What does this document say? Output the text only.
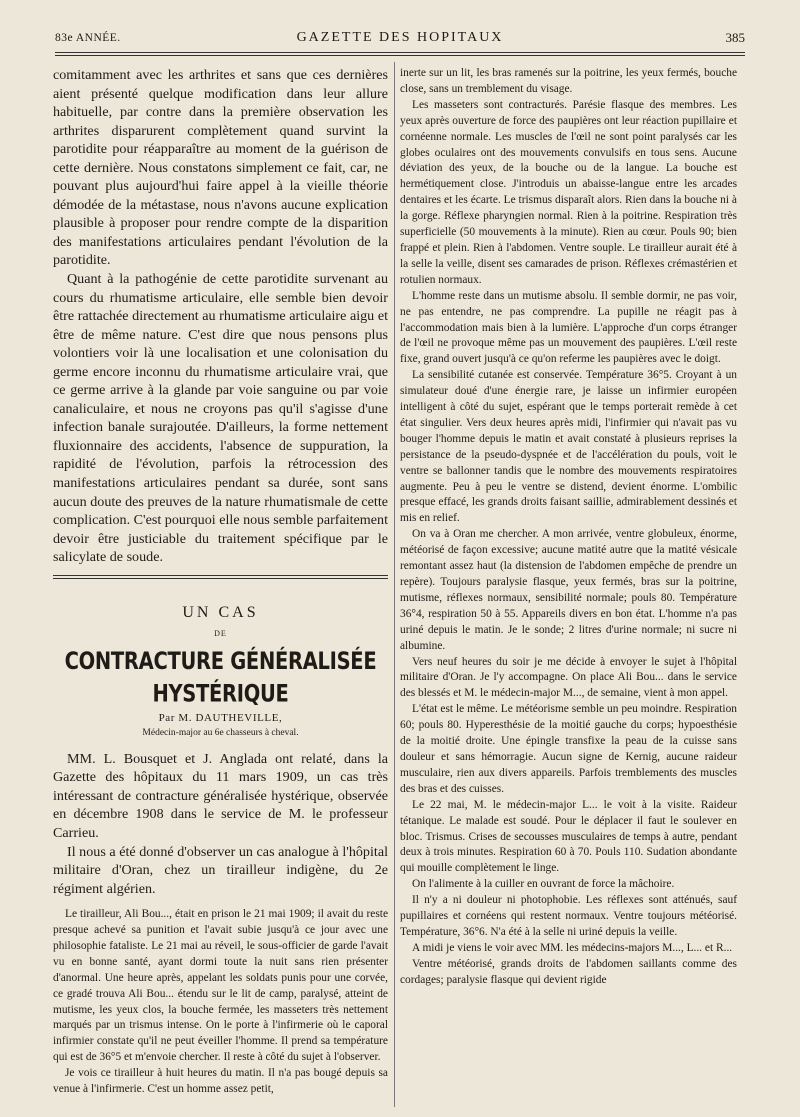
83e ANNÉE.	GAZETTE DES HOPITAUX	385

comitamment avec les arthrites et sans que ces dernières aient présenté quelque modification dans leur allure habituelle, par contre dans la première observation les arthrites disparurent complètement quand survint la parotidite pour réapparaître au moment de la guérison de cette dernière. Nous constatons simplement ce fait, car, ne pouvant plus aujourd'hui faire appel à la vieille théorie démodée de la métastase, nous n'avons aucune explication plausible à proposer pour rendre compte de la disparition des manifestations articulaires pendant l'évolution de la parotidite.

Quant à la pathogénie de cette parotidite survenant au cours du rhumatisme articulaire, elle semble bien devoir être rattachée directement au rhumatisme articulaire aigu et être de même nature. C'est dire que nous pensons plus volontiers voir là une localisation et une colonisation du germe encore inconnu du rhumatisme articulaire vrai, que ce germe arrive à la glande par voie sanguine ou par voie canaliculaire, et nous ne croyons pas qu'il s'agisse d'une infection banale surajoutée. D'ailleurs, la forme nettement fluxionnaire des accidents, l'absence de suppuration, la rapidité de l'évolution, parfois la rétrocession des manifestations articulaires pendant sa durée, sont sans aucun doute des preuves de la nature rhumatismale de cette complication. C'est pourquoi elle nous semble parfaitement devoir être justiciable du traitement spécifique par le salicylate de soude.

UN CAS

DE

CONTRACTURE GÉNÉRALISÉE HYSTÉRIQUE

Par M. DAUTHEVILLE,

Médecin-major au 6e chasseurs à cheval.

MM. L. Bousquet et J. Anglada ont relaté, dans la Gazette des hôpitaux du 11 mars 1909, un cas très intéressant de contracture généralisée hystérique, observée en décembre 1908 dans le service de M. le professeur Carrieu.

Il nous a été donné d'observer un cas analogue à l'hôpital militaire d'Oran, chez un tirailleur indigène, du 2e régiment algérien.

Le tirailleur, Ali Bou..., était en prison le 21 mai 1909; il avait du reste presque achevé sa punition et l'avait subie jusqu'à ce jour avec une philosophie fataliste. Le 21 mai au réveil, le sous-officier de garde l'avait vu en bonne santé, ayant dormi toute la nuit sans rien présenter d'anormal. Une heure après, appelant les soldats punis pour une corvée, ce gradé trouva Ali Bou... étendu sur le lit de camp, paralysé, atteint de mutisme, les yeux clos, la bouche fermée, les masseters très nettement marqués par un trismus intense. On le porte à l'infirmerie où le caporal infirmier constate qu'il ne peut éveiller l'homme. Il prend sa température qui est de 36°5 et m'envoie chercher. Il reste à côté du sujet à l'observer.

Je vois ce tirailleur à huit heures du matin. Il n'a pas bougé depuis sa venue à l'infirmerie. C'est un homme assez petit,

inerte sur un lit, les bras ramenés sur la poitrine, les yeux fermés, bouche close, sans un tremblement du visage.

Les masseters sont contracturés. Parésie flasque des membres. Les yeux après ouverture de force des paupières ont leur réaction pupillaire et cornéenne normale. Les muscles de l'œil ne sont point paralysés car les globes oculaires ont des mouvements convulsifs en tous sens. Aucune déviation des yeux, de la bouche ou de la langue. La bouche est hermétiquement close. J'introduis un abaisse-langue entre les arcades dentaires et les écarte. Le trismus disparaît alors. Rien dans la bouche ni à la gorge. Réflexe pharyngien normal. Rien à la poitrine. Respiration très superficielle (50 mouvements à la minute). Rien au cœur. Pouls 90; bien frappé et plein. Rien à l'abdomen. Ventre souple. Le tirailleur aurait été à la selle la veille, disent ses camarades de prison. Réflexes crémastérien et rotulien normaux.

L'homme reste dans un mutisme absolu. Il semble dormir, ne pas voir, ne pas entendre, ne pas comprendre. La pupille ne réagit pas à l'accommodation mais bien à la lumière. L'approche d'un corps étranger de l'œil ne provoque même pas un mouvement des paupières. L'œil reste fixe, grand ouvert jusqu'à ce qu'on referme les paupières avec le doigt.

La sensibilité cutanée est conservée. Température 36°5. Croyant à un simulateur doué d'une énergie rare, je laisse un infirmier européen intelligent à côté du sujet, espérant que le temps porterait remède à cet état singulier. Vers deux heures après midi, l'infirmier qui n'avait pas vu bouger l'homme depuis le matin et avait constaté à plusieurs reprises la persistance de la pseudo-dyspnée et de l'accélération du pouls, voit le ventre se ballonner tandis que le nombre des mouvements respiratoires augmente. Peu à peu le ventre se distend, devient énorme. L'ombilic presque effacé, les grands droits faisant saillie, admirablement dessinés et mis en relief.

On va à Oran me chercher. A mon arrivée, ventre globuleux, énorme, météorisé de façon excessive; aucune matité autre que la matité vésicale remontant assez haut (la distension de l'abdomen empêche de prendre un repère). Toujours paralysie flasque, yeux fermés, bras sur la poitrine, mutisme, réflexes normaux, sensibilité normale; pouls 80. Température 36°4, respiration 50 à 55. Appareils divers en bon état. L'homme n'a pas uriné depuis le matin. Je le sonde; 2 litres d'urine normale; ni sucre ni albumine.

Vers neuf heures du soir je me décide à envoyer le sujet à l'hôpital militaire d'Oran. Je l'y accompagne. On place Ali Bou... dans le service des blessés et M. le médecin-major M..., de semaine, vient à mon appel.

L'état est le même. Le météorisme semble un peu moindre. Respiration 60; pouls 80. Hyperesthésie de la moitié gauche du corps; hypoesthésie de la moitié droite. Une épingle transfixe la peau de la cuisse sans douleur et sans hémorragie. Aucun signe de Kernig, aucune raideur musculaire, rien aux divers appareils. Parfois tremblements des muscles des bras et des cuisses.

Le 22 mai, M. le médecin-major L... le voit à la visite. Raideur tétanique. Le malade est soudé. Pour le déplacer il faut le soulever en bloc. Trismus. Crises de secousses musculaires de temps à autre, pendant deux à trois minutes. Respiration 60 à 70. Pouls 110. Sudation abondante qui mouille complètement le linge.

On l'alimente à la cuiller en ouvrant de force la mâchoire.

Il n'y a ni douleur ni photophobie. Les réflexes sont atténués, sauf pupillaires et cornéens qui restent normaux. Ventre toujours météorisé. Température, 36°6. N'a été à la selle ni uriné depuis la veille.

A midi je viens le voir avec MM. les médecins-majors M..., L... et R...

Ventre météorisé, grands droits de l'abdomen saillants comme des cordages; paralysie flasque qui devient rigide
